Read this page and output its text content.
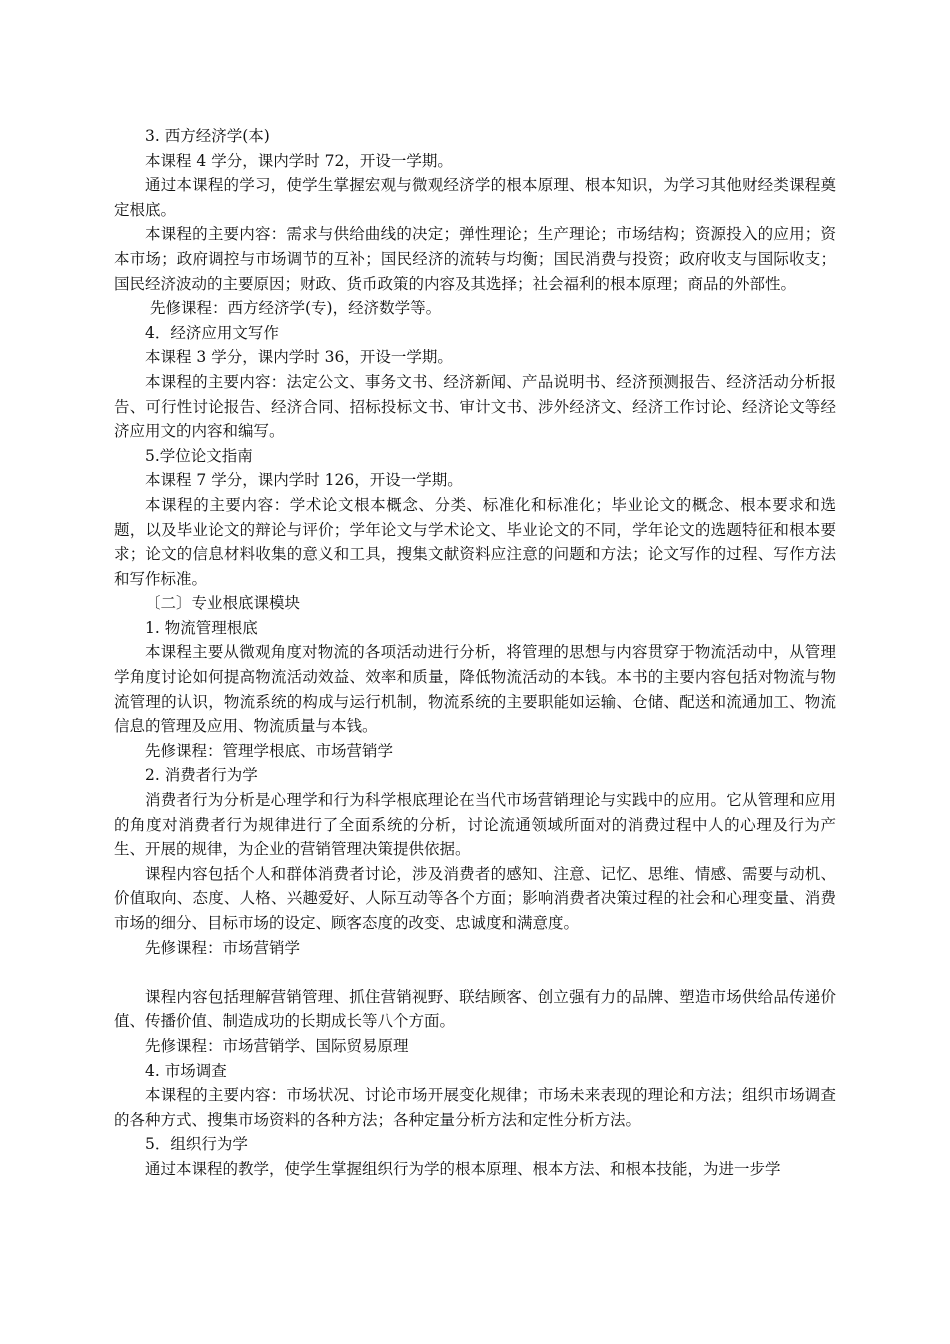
3. 西方经济学(本)

本课程 4 学分，课内学时 72，开设一学期。

通过本课程的学习，使学生掌握宏观与微观经济学的根本原理、根本知识，为学习其他财经类课程奠定根底。

本课程的主要内容：需求与供给曲线的决定；弹性理论；生产理论；市场结构；资源投入的应用；资本市场；政府调控与市场调节的互补；国民经济的流转与均衡；国民消费与投资；政府收支与国际收支；国民经济波动的主要原因；财政、货币政策的内容及其选择；社会福利的根本原理；商品的外部性。

先修课程：西方经济学(专)，经济数学等。

4．经济应用文写作

本课程 3 学分，课内学时 36，开设一学期。

本课程的主要内容：法定公文、事务文书、经济新闻、产品说明书、经济预测报告、经济活动分析报告、可行性讨论报告、经济合同、招标投标文书、审计文书、涉外经济文、经济工作讨论、经济论文等经济应用文的内容和编写。

5.学位论文指南

本课程 7 学分，课内学时 126，开设一学期。

本课程的主要内容：学术论文根本概念、分类、标准化和标准化；毕业论文的概念、根本要求和选题，以及毕业论文的辩论与评价；学年论文与学术论文、毕业论文的不同，学年论文的选题特征和根本要求；论文的信息材料收集的意义和工具，搜集文献资料应注意的问题和方法；论文写作的过程、写作方法和写作标准。

〔二〕专业根底课模块

1. 物流管理根底

本课程主要从微观角度对物流的各项活动进行分析，将管理的思想与内容贯穿于物流活动中，从管理学角度讨论如何提高物流活动效益、效率和质量，降低物流活动的本钱。本书的主要内容包括对物流与物流管理的认识，物流系统的构成与运行机制，物流系统的主要职能如运输、仓储、配送和流通加工、物流信息的管理及应用、物流质量与本钱。

先修课程：管理学根底、市场营销学

2. 消费者行为学

消费者行为分析是心理学和行为科学根底理论在当代市场营销理论与实践中的应用。它从管理和应用的角度对消费者行为规律进行了全面系统的分析，讨论流通领域所面对的消费过程中人的心理及行为产生、开展的规律，为企业的营销管理决策提供依据。

课程内容包括个人和群体消费者讨论，涉及消费者的感知、注意、记忆、思维、情感、需要与动机、价值取向、态度、人格、兴趣爱好、人际互动等各个方面；影响消费者决策过程的社会和心理变量、消费市场的细分、目标市场的设定、顾客态度的改变、忠诚度和满意度。

先修课程：市场营销学

课程内容包括理解营销管理、抓住营销视野、联结顾客、创立强有力的品牌、塑造市场供给品传递价值、传播价值、制造成功的长期成长等八个方面。

先修课程：市场营销学、国际贸易原理

4. 市场调查

本课程的主要内容：市场状况、讨论市场开展变化规律；市场未来表现的理论和方法；组织市场调查的各种方式、搜集市场资料的各种方法；各种定量分析方法和定性分析方法。

5．组织行为学

通过本课程的教学，使学生掌握组织行为学的根本原理、根本方法、和根本技能，为进一步学
